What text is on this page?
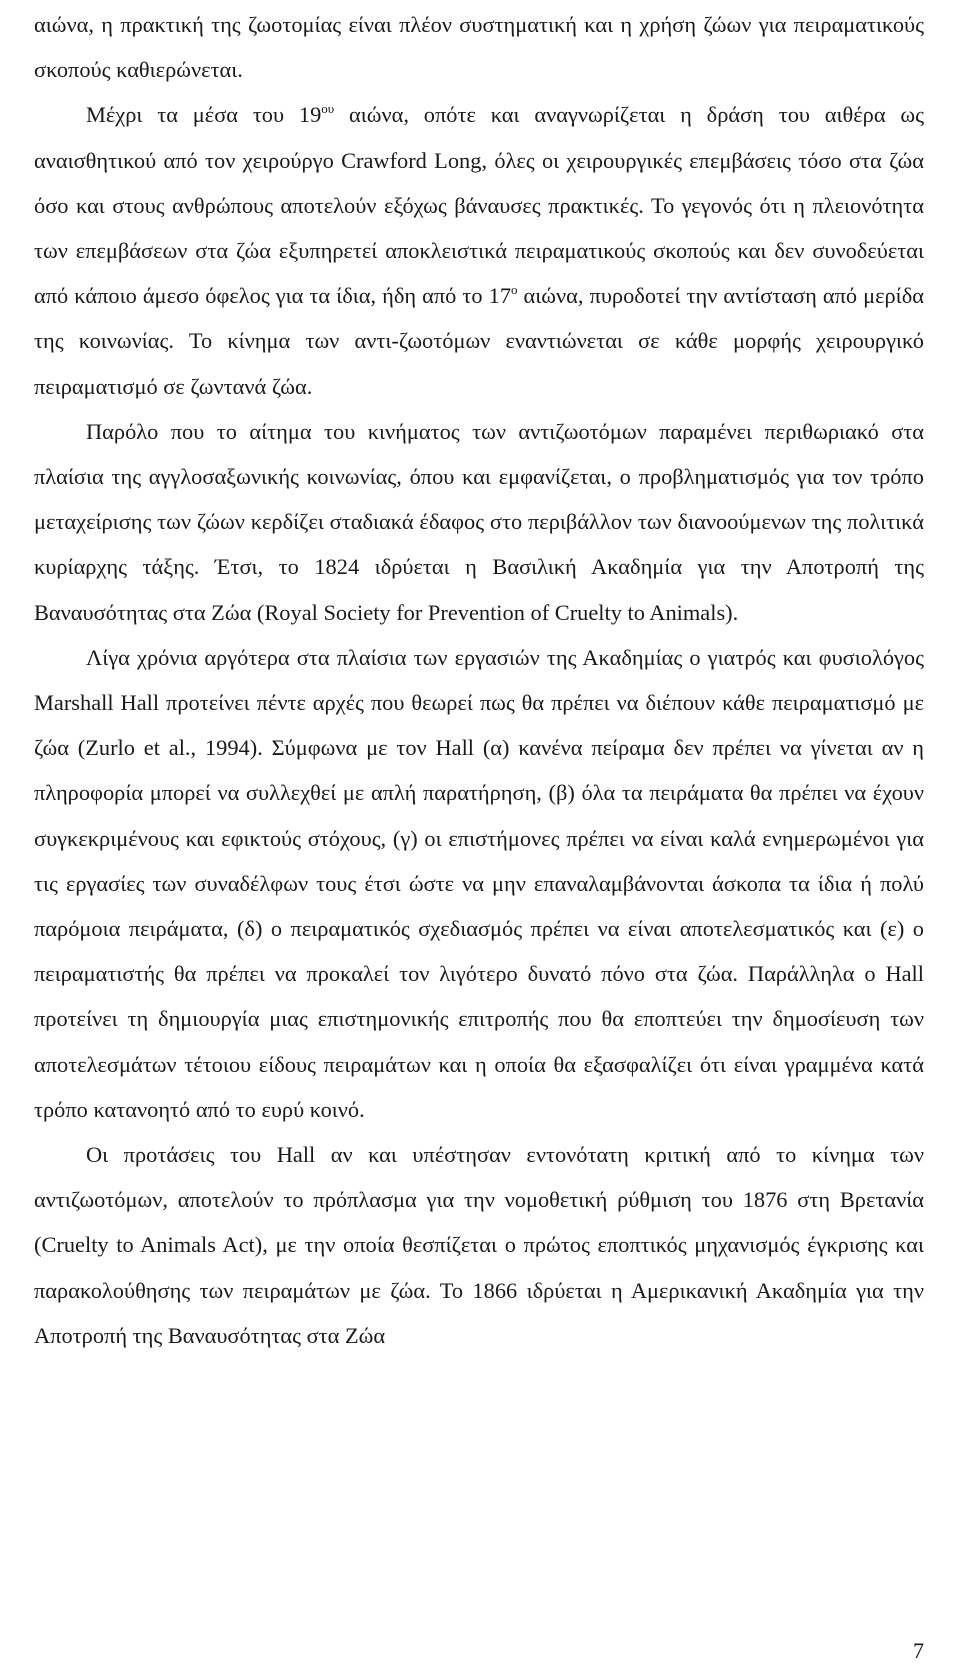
αιώνα, η πρακτική της ζωοτομίας είναι πλέον συστηματική και η χρήση ζώων για πειραματικούς σκοπούς καθιερώνεται.

Μέχρι τα μέσα του $19^{o\upsilon}$ αιώνα, οπότε και αναγνωρίζεται η δράση του αιθέρα ως αναισθητικού από τον χειρούργο Crawford Long, όλες οι χειρουργικές επεμβάσεις τόσο στα ζώα όσο και στους ανθρώπους αποτελούν εξόχως βάναυσες πρακτικές. Το γεγονός ότι η πλειονότητα των επεμβάσεων στα ζώα εξυπηρετεί αποκλειστικά πειραματικούς σκοπούς και δεν συνοδεύεται από κάποιο άμεσο όφελος για τα ίδια, ήδη από το $17^o$ αιώνα, πυροδοτεί την αντίσταση από μερίδα της κοινωνίας. Το κίνημα των αντι-ζωοτόμων εναντιώνεται σε κάθε μορφής χειρουργικό πειραματισμό σε ζωντανά ζώα.

Παρόλο που το αίτημα του κινήματος των αντιζωοτόμων παραμένει περιθωριακό στα πλαίσια της αγγλοσαξωνικής κοινωνίας, όπου και εμφανίζεται, ο προβληματισμός για τον τρόπο μεταχείρισης των ζώων κερδίζει σταδιακά έδαφος στο περιβάλλον των διανοούμενων της πολιτικά κυρίαρχης τάξης. Έτσι, το 1824 ιδρύεται η Βασιλική Ακαδημία για την Αποτροπή της Βαναυσότητας στα Ζώα (Royal Society for Prevention of Cruelty to Animals).

Λίγα χρόνια αργότερα στα πλαίσια των εργασιών της Ακαδημίας ο γιατρός και φυσιολόγος Marshall Hall προτείνει πέντε αρχές που θεωρεί πως θα πρέπει να διέπουν κάθε πειραματισμό με ζώα (Zurlo et al., 1994). Σύμφωνα με τον Hall (α) κανένα πείραμα δεν πρέπει να γίνεται αν η πληροφορία μπορεί να συλλεχθεί με απλή παρατήρηση, (β) όλα τα πειράματα θα πρέπει να έχουν συγκεκριμένους και εφικτούς στόχους, (γ) οι επιστήμονες πρέπει να είναι καλά ενημερωμένοι για τις εργασίες των συναδέλφων τους έτσι ώστε να μην επαναλαμβάνονται άσκοπα τα ίδια ή πολύ παρόμοια πειράματα, (δ) ο πειραματικός σχεδιασμός πρέπει να είναι αποτελεσματικός και (ε) ο πειραματιστής θα πρέπει να προκαλεί τον λιγότερο δυνατό πόνο στα ζώα. Παράλληλα ο Hall προτείνει τη δημιουργία μιας επιστημονικής επιτροπής που θα εποπτεύει την δημοσίευση των αποτελεσμάτων τέτοιου είδους πειραμάτων και η οποία θα εξασφαλίζει ότι είναι γραμμένα κατά τρόπο κατανοητό από το ευρύ κοινό.

Οι προτάσεις του Hall αν και υπέστησαν εντονότατη κριτική από το κίνημα των αντιζωοτόμων, αποτελούν το πρόπλασμα για την νομοθετική ρύθμιση του 1876 στη Βρετανία (Cruelty to Animals Act), με την οποία θεσπίζεται ο πρώτος εποπτικός μηχανισμός έγκρισης και παρακολούθησης των πειραμάτων με ζώα. Το 1866 ιδρύεται η Αμερικανική Ακαδημία για την Αποτροπή της Βαναυσότητας στα Ζώα

7
